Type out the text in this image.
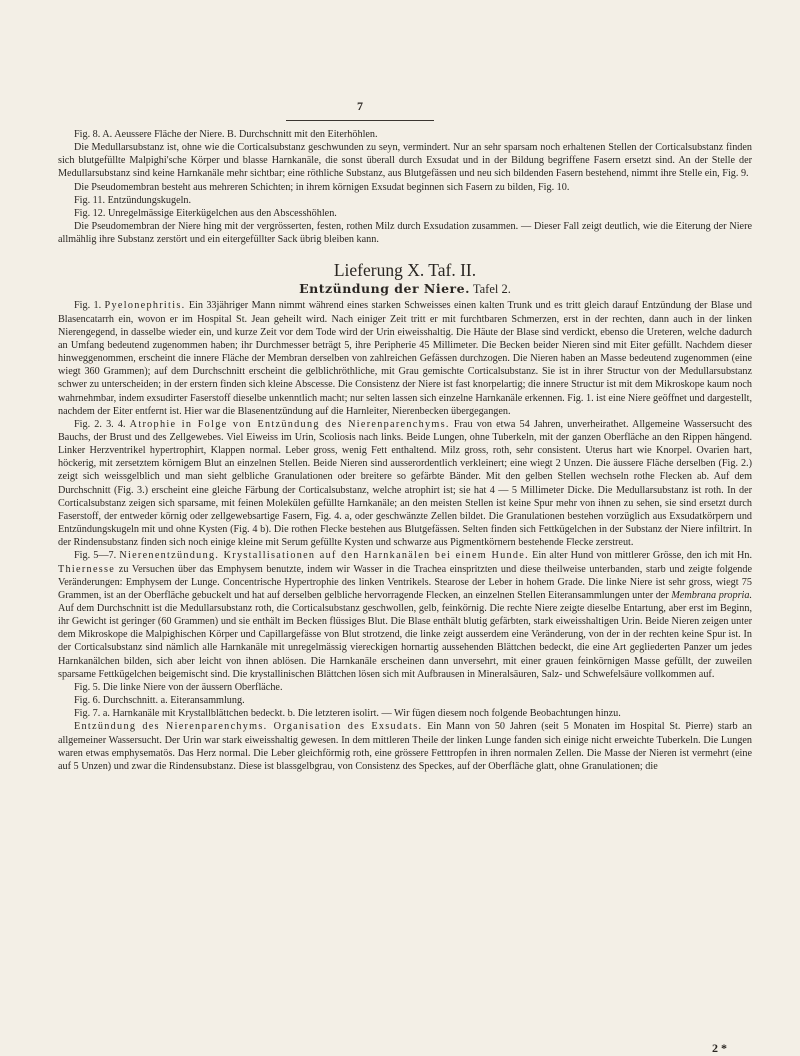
7

Fig. 8. A. Aeussere Fläche der Niere. B. Durchschnitt mit den Eiterhöhlen.

Die Medullarsubstanz ist, ohne wie die Corticalsubstanz geschwunden zu seyn, vermindert. Nur an sehr sparsam noch erhaltenen Stellen der Corticalsubstanz finden sich blutgefüllte Malpighi'sche Körper und blasse Harnkanäle, die sonst überall durch Exsudat und in der Bildung begriffene Fasern ersetzt sind. An der Stelle der Medullarsubstanz sind keine Harnkanäle mehr sichtbar; eine röthliche Substanz, aus Blutgefässen und neu sich bildenden Fasern bestehend, nimmt ihre Stelle ein, Fig. 9.

Die Pseudomembran besteht aus mehreren Schichten; in ihrem körnigen Exsudat beginnen sich Fasern zu bilden, Fig. 10.

Fig. 11. Entzündungskugeln.

Fig. 12. Unregelmässige Eiterkügelchen aus den Abscesshöhlen.

Die Pseudomembran der Niere hing mit der vergrösserten, festen, rothen Milz durch Exsudation zusammen. — Dieser Fall zeigt deutlich, wie die Eiterung der Niere allmählig ihre Substanz zerstört und ein eitergefüllter Sack übrig bleiben kann.

Lieferung X. Taf. II.

Entzündung der Niere. Tafel 2.

Fig. 1. Pyelonephritis. Ein 33jähriger Mann nimmt während eines starken Schweisses einen kalten Trunk und es tritt gleich darauf Entzündung der Blase und Blasencatarrh ein, wovon er im Hospital St. Jean geheilt wird. Nach einiger Zeit tritt er mit furchtbaren Schmerzen, erst in der rechten, dann auch in der linken Nierengegend, in dasselbe wieder ein, und kurze Zeit vor dem Tode wird der Urin eiweisshaltig. Die Häute der Blase sind verdickt, ebenso die Ureteren, welche dadurch an Umfang bedeutend zugenommen haben; ihr Durchmesser beträgt 5, ihre Peripherie 45 Millimeter. Die Becken beider Nieren sind mit Eiter gefüllt. Nachdem dieser hinweggenommen, erscheint die innere Fläche der Membran derselben von zahlreichen Gefässen durchzogen. Die Nieren haben an Masse bedeutend zugenommen (eine wiegt 360 Grammen); auf dem Durchschnitt erscheint die gelblichröthliche, mit Grau gemischte Corticalsubstanz. Sie ist in ihrer Structur von der Medullarsubstanz schwer zu unterscheiden; in der erstern finden sich kleine Abscesse. Die Consistenz der Niere ist fast knorpelartig; die innere Structur ist mit dem Mikroskope kaum noch wahrnehmbar, indem exsudirter Faserstoff dieselbe unkenntlich macht; nur selten lassen sich einzelne Harnkanäle erkennen. Fig. 1. ist eine Niere geöffnet und dargestellt, nachdem der Eiter entfernt ist. Hier war die Blasenentzündung auf die Harnleiter, Nierenbecken übergegangen.

Fig. 2. 3. 4. Atrophie in Folge von Entzündung des Nierenparenchyms. Frau von etwa 54 Jahren, unverheirathet. Allgemeine Wassersucht des Bauchs, der Brust und des Zellgewebes. Viel Eiweiss im Urin, Scoliosis nach links. Beide Lungen, ohne Tuberkeln, mit der ganzen Oberfläche an den Rippen hängend. Linker Herzventrikel hypertrophirt, Klappen normal. Leber gross, wenig Fett enthaltend. Milz gross, roth, sehr consistent. Uterus hart wie Knorpel. Ovarien hart, höckerig, mit zersetztem körnigem Blut an einzelnen Stellen. Beide Nieren sind ausserordentlich verkleinert; eine wiegt 2 Unzen. Die äussere Fläche derselben (Fig. 2.) zeigt sich weissgelblich und man sieht gelbliche Granulationen oder breitere so gefärbte Bänder. Mit den gelben Stellen wechseln rothe Flecken ab. Auf dem Durchschnitt (Fig. 3.) erscheint eine gleiche Färbung der Corticalsubstanz, welche atrophirt ist; sie hat 4 — 5 Millimeter Dicke. Die Medullarsubstanz ist roth. In der Corticalsubstanz zeigen sich sparsame, mit feinen Molekülen gefüllte Harnkanäle; an den meisten Stellen ist keine Spur mehr von ihnen zu sehen, sie sind ersetzt durch Faserstoff, der entweder körnig oder zellgewebsartige Fasern, Fig. 4. a, oder geschwänzte Zellen bildet. Die Granulationen bestehen vorzüglich aus Exsudatkörpern und Entzündungskugeln mit und ohne Kysten (Fig. 4 b). Die rothen Flecke bestehen aus Blutgefässen. Selten finden sich Fettkügelchen in der Substanz der Niere infiltrirt. In der Rindensubstanz finden sich noch einige kleine mit Serum gefüllte Kysten und schwarze aus Pigmentkörnern bestehende Flecke zerstreut.

Fig. 5—7. Nierenentzündung. Krystallisationen auf den Harnkanälen bei einem Hunde. Ein alter Hund von mittlerer Grösse, den ich mit Hn. Thiernesse zu Versuchen über das Emphysem benutzte, indem wir Wasser in die Trachea einspritzten und diese theilweise unterbanden, starb und zeigte folgende Veränderungen: Emphysem der Lunge. Concentrische Hypertrophie des linken Ventrikels. Stearose der Leber in hohem Grade. Die linke Niere ist sehr gross, wiegt 75 Grammen, ist an der Oberfläche gebuckelt und hat auf derselben gelbliche hervorragende Flecken, an einzelnen Stellen Eiteransammlungen unter der Membrana propria. Auf dem Durchschnitt ist die Medullarsubstanz roth, die Corticalsubstanz geschwollen, gelb, feinkörnig. Die rechte Niere zeigte dieselbe Entartung, aber erst im Beginn, ihr Gewicht ist geringer (60 Grammen) und sie enthält im Becken flüssiges Blut. Die Blase enthält blutig gefärbten, stark eiweisshaltigen Urin. Beide Nieren zeigen unter dem Mikroskope die Malpighischen Körper und Capillargefässe von Blut strotzend, die linke zeigt ausserdem eine Veränderung, von der in der rechten keine Spur ist. In der Corticalsubstanz sind nämlich alle Harnkanäle mit unregelmässig viereckigen hornartig aussehenden Blättchen bedeckt, die eine Art gegliederten Panzer um jedes Harnkanälchen bilden, sich aber leicht von ihnen ablösen. Die Harnkanäle erscheinen dann unversehrt, mit einer grauen feinkörnigen Masse gefüllt, der zuweilen sparsame Fettkügelchen beigemischt sind. Die krystallinischen Blättchen lösen sich mit Aufbrausen in Mineralsäuren, Salz- und Schwefelsäure vollkommen auf.

Fig. 5. Die linke Niere von der äussern Oberfläche.

Fig. 6. Durchschnitt. a. Eiteransammlung.

Fig. 7. a. Harnkanäle mit Krystallblättchen bedeckt. b. Die letzteren isolirt. — Wir fügen diesem noch folgende Beobachtungen hinzu.

Entzündung des Nierenparenchyms. Organisation des Exsudats. Ein Mann von 50 Jahren (seit 5 Monaten im Hospital St. Pierre) starb an allgemeiner Wassersucht. Der Urin war stark eiweisshaltig gewesen. In dem mittleren Theile der linken Lunge fanden sich einige nicht erweichte Tuberkeln. Die Lungen waren etwas emphysematös. Das Herz normal. Die Leber gleichförmig roth, eine grössere Fetttropfen in ihren normalen Zellen. Die Masse der Nieren ist vermehrt (eine auf 5 Unzen) und zwar die Rindensubstanz. Diese ist blassgelbgrau, von Consistenz des Speckes, auf der Oberfläche glatt, ohne Granulationen; die

2 *
